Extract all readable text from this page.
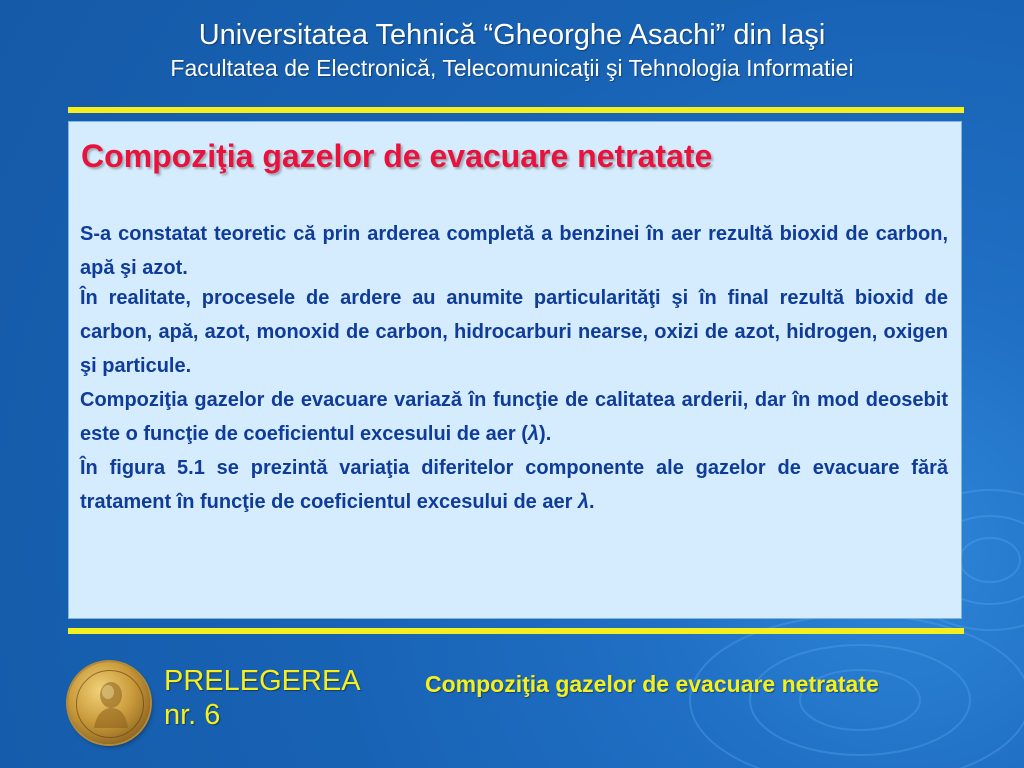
Universitatea Tehnică “Gheorghe Asachi” din Iaşi
Facultatea de Electronică, Telecomunicaţii şi Tehnologia Informatiei
Compoziţia gazelor de evacuare netratate

S-a constatat teoretic că prin arderea completă a benzinei în aer rezultă bioxid de carbon, apă şi azot.

În realitate, procesele de ardere au anumite particularităţi şi în final rezultă bioxid de carbon, apă, azot, monoxid de carbon, hidrocarburi nearse, oxizi de azot, hidrogen, oxigen şi particule.

Compoziţia gazelor de evacuare variază în funcţie de calitatea arderii, dar în mod deosebit este o funcţie de coeficientul excesului de aer (λ).

În figura 5.1 se prezintă variaţia diferitelor componente ale gazelor de evacuare fără tratament în funcţie de coeficientul excesului de aer λ.

PRELEGEREA
nr. 6
Compoziţia gazelor de evacuare netratate
